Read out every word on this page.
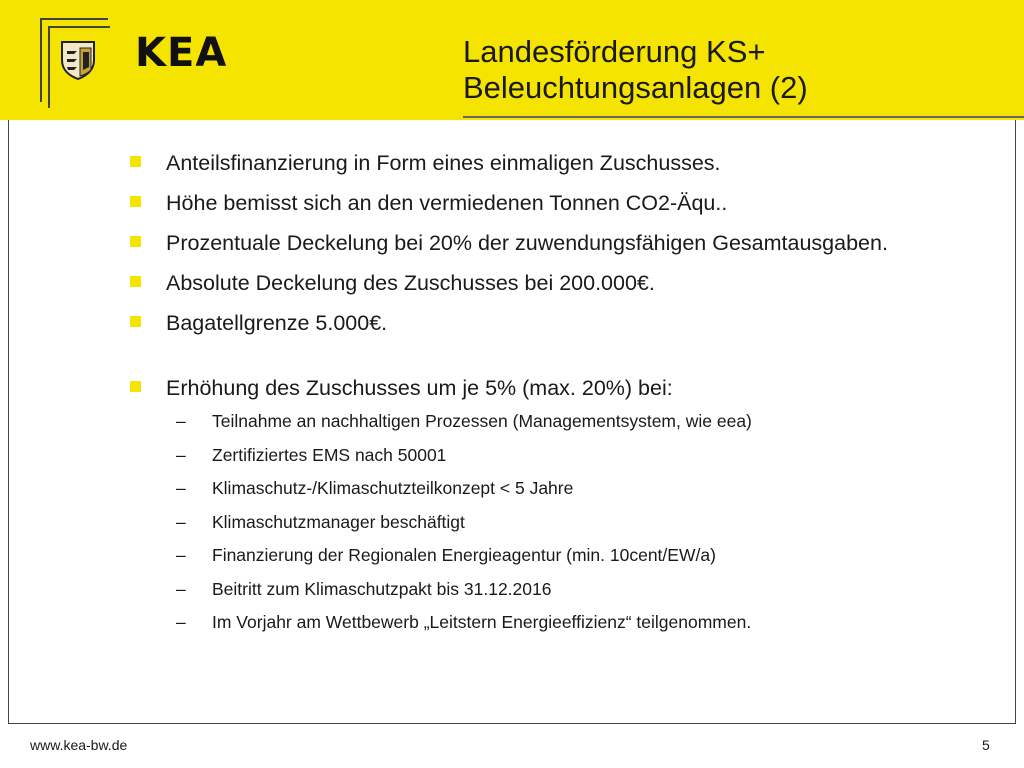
KEA	Landesförderung KS+
Beleuchtungsanlagen (2)
Anteilsfinanzierung in Form eines einmaligen Zuschusses.
Höhe bemisst sich an den vermiedenen Tonnen CO2-Äqu..
Prozentuale Deckelung bei 20% der zuwendungsfähigen Gesamtausgaben.
Absolute Deckelung des Zuschusses bei 200.000€.
Bagatellgrenze 5.000€.
Erhöhung des Zuschusses um je 5% (max. 20%) bei:
– Teilnahme an nachhaltigen Prozessen (Managementsystem, wie eea)
– Zertifiziertes EMS nach 50001
– Klimaschutz-/Klimaschutzteilkonzept < 5 Jahre
– Klimaschutzmanager beschäftigt
– Finanzierung der Regionalen Energieagentur (min. 10cent/EW/a)
– Beitritt zum Klimaschutzpakt bis 31.12.2016
– Im Vorjahr am Wettbewerb „Leitstern Energieeffizienz“ teilgenommen.
www.kea-bw.de	5
